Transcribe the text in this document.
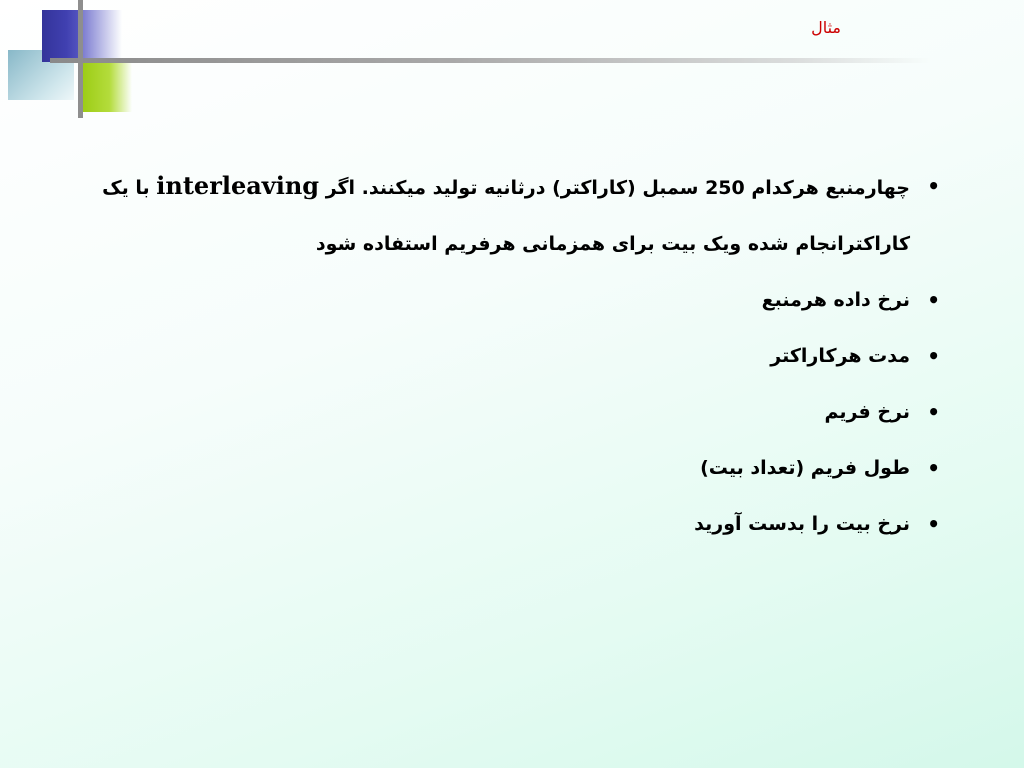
مثال
•
چهارمنبع هرکدام 250 سمبل (کاراکتر) درثانیه تولید میکنند. اگر interleaving با یک کاراکترانجام شده ویک بیت برای همزمانی هرفریم استفاده شود
•
نرخ داده هرمنبع
•
مدت هرکاراکتر
•
نرخ فریم
•
طول فریم (تعداد بیت)
•
نرخ بیت را بدست آورید
